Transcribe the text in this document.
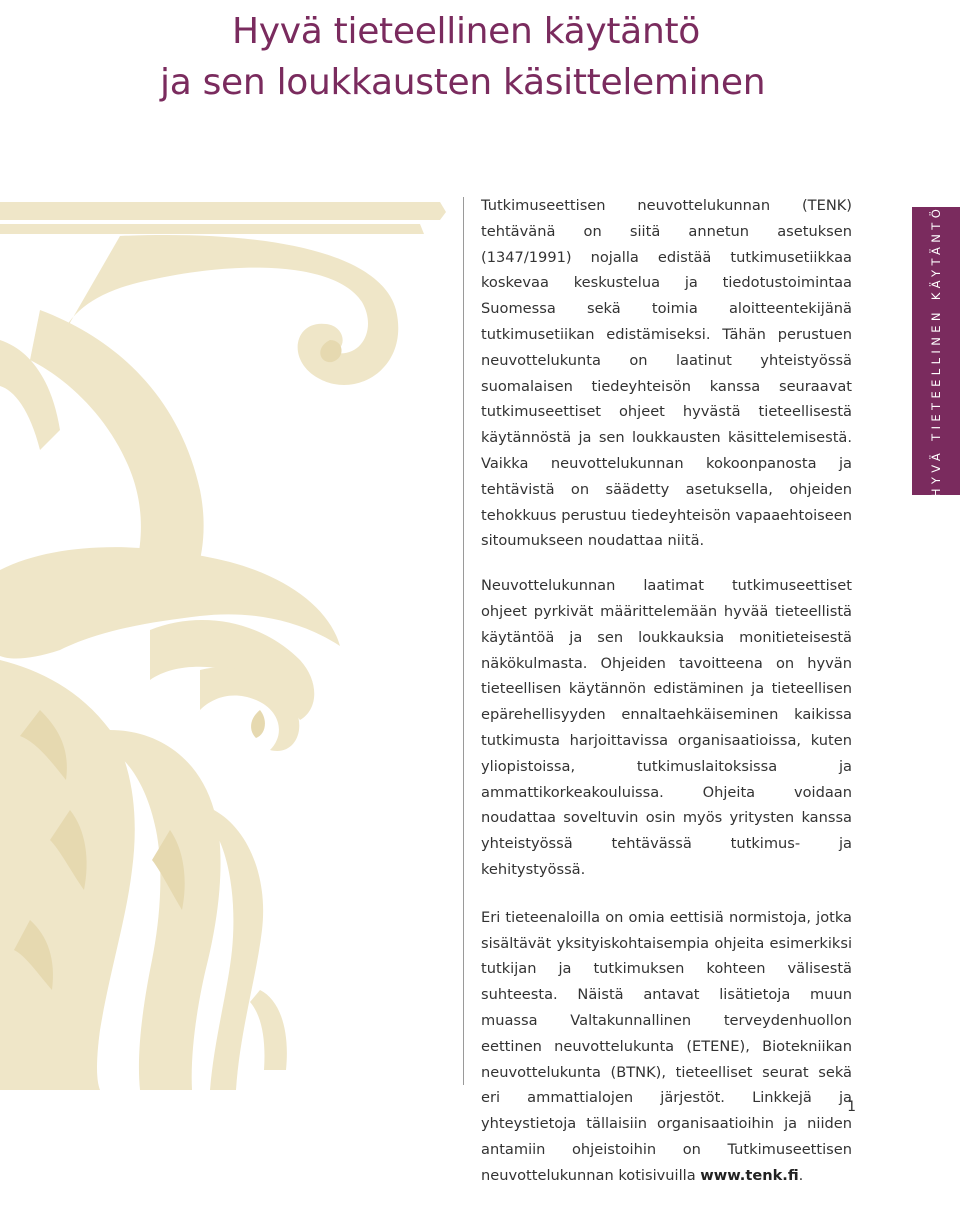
Hyvä tieteellinen käytäntö
ja sen loukkausten käsitteleminen

Tutkimuseettisen neuvottelukunnan (TENK) tehtävänä on siitä annetun asetuksen (1347/1991) nojalla edistää tutkimusetiikkaa koskevaa keskustelua ja tiedotustoimintaa Suomessa sekä toimia aloitteentekijänä tutkimusetiikan edistämiseksi. Tähän perustuen neuvottelukunta on laatinut yhteistyössä suomalaisen tiedeyhteisön kanssa seuraavat tutkimuseettiset ohjeet hyvästä tieteellisestä käytännöstä ja sen loukkausten käsittelemisestä. Vaikka neuvottelukunnan kokoonpanosta ja tehtävistä on säädetty asetuksella, ohjeiden tehokkuus perustuu tiedeyhteisön vapaaehtoiseen sitoumukseen noudattaa niitä.

Neuvottelukunnan laatimat tutkimuseettiset ohjeet pyrkivät määrittelemään hyvää tieteellistä käytäntöä ja sen loukkauksia monitieteisestä näkökulmasta. Ohjeiden tavoitteena on hyvän tieteellisen käytännön edistäminen ja tieteellisen epärehellisyyden ennaltaehkäiseminen kaikissa tutkimusta harjoittavissa organisaatioissa, kuten yliopistoissa, tutkimuslaitoksissa ja ammattikorkeakouluissa. Ohjeita voidaan noudattaa soveltuvin osin myös yritysten kanssa yhteistyössä tehtävässä tutkimus- ja kehitystyössä.

Eri tieteenaloilla on omia eettisiä normistoja, jotka sisältävät yksityiskohtaisempia ohjeita esimerkiksi tutkijan ja tutkimuksen kohteen välisestä suhteesta. Näistä antavat lisätietoja muun muassa Valtakunnallinen terveydenhuollon eettinen neuvottelukunta (ETENE), Biotekniikan neuvottelukunta (BTNK), tieteelliset seurat sekä eri ammattialojen järjestöt. Linkkejä ja yhteystietoja tällaisiin organisaatioihin ja niiden antamiin ohjeistoihin on Tutkimuseettisen neuvottelukunnan kotisivuilla www.tenk.fi.

HYVÄ TIETEELLINEN KÄYTÄNTÖ
1
